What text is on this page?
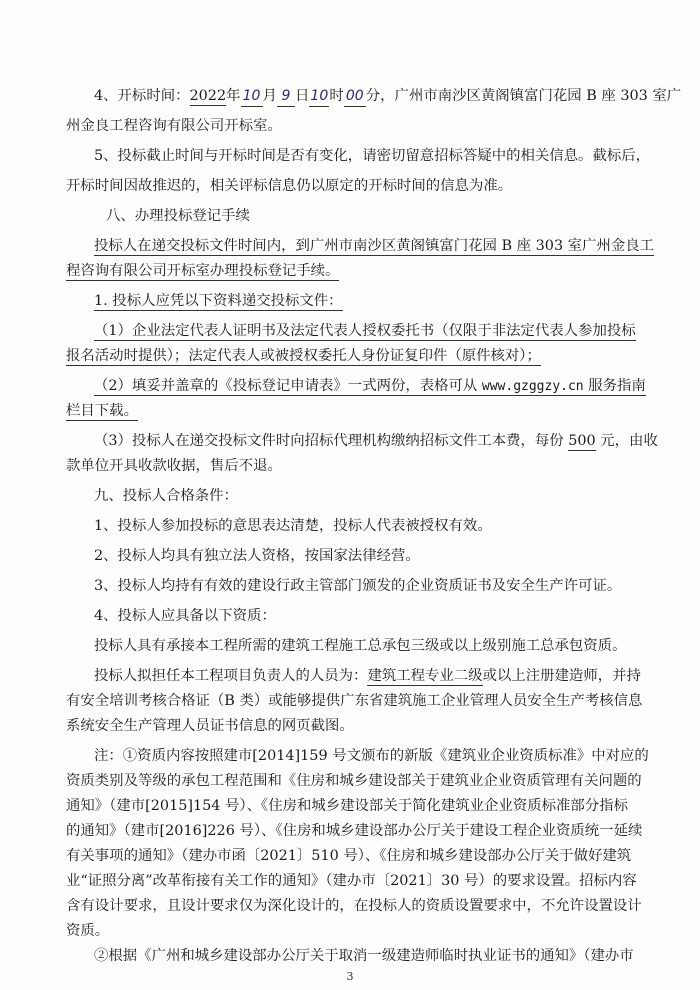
4、开标时间：2022年 10 月 9 日10时 00 分，广州市南沙区黄阁镇富门花园 B 座 303 室广
州金良工程咨询有限公司开标室。
5、投标截止时间与开标时间是否有变化，请密切留意招标答疑中的相关信息。截标后，
开标时间因故推迟的，相关评标信息仍以原定的开标时间的信息为准。
八、办理投标登记手续
投标人在递交投标文件时间内，到广州市南沙区黄阁镇富门花园 B 座 303 室广州金良工
程咨询有限公司开标室办理投标登记手续。
1. 投标人应凭以下资料递交投标文件：
（1）企业法定代表人证明书及法定代表人授权委托书（仅限于非法定代表人参加投标
报名活动时提供）；法定代表人或被授权委托人身份证复印件（原件核对）；
（2）填妥并盖章的《投标登记申请表》一式两份，表格可从 www.gzggzy.cn 服务指南
栏目下载。
（3）投标人在递交投标文件时向招标代理机构缴纳招标文件工本费，每份 500 元，由收
款单位开具收款收据，售后不退。
九、投标人合格条件：
1、投标人参加投标的意思表达清楚，投标人代表被授权有效。
2、投标人均具有独立法人资格，按国家法律经营。
3、投标人均持有有效的建设行政主管部门颁发的企业资质证书及安全生产许可证。
4、投标人应具备以下资质：
投标人具有承接本工程所需的建筑工程施工总承包三级或以上级别施工总承包资质。
投标人拟担任本工程项目负责人的人员为：建筑工程专业二级或以上注册建造师，并持
有安全培训考核合格证（B 类）或能够提供广东省建筑施工企业管理人员安全生产考核信息
系统安全生产管理人员证书信息的网页截图。
注：①资质内容按照建市[2014]159 号文颁布的新版《建筑业企业资质标准》中对应的
资质类别及等级的承包工程范围和《住房和城乡建设部关于建筑业企业资质管理有关问题的
通知》（建市[2015]154 号）、《住房和城乡建设部关于简化建筑业企业资质标准部分指标
的通知》（建市[2016]226 号）、《住房和城乡建设部办公厅关于建设工程企业资质统一延续
有关事项的通知》（建办市函〔2021〕510 号）、《住房和城乡建设部办公厅关于做好建筑
业“证照分离”改革衔接有关工作的通知》（建办市〔2021〕30 号）的要求设置。招标内容
含有设计要求，且设计要求仅为深化设计的，在投标人的资质设置要求中，不允许设置设计
资质。
②根据《广州和城乡建设部办公厅关于取消一级建造师临时执业证书的通知》（建办市
3
